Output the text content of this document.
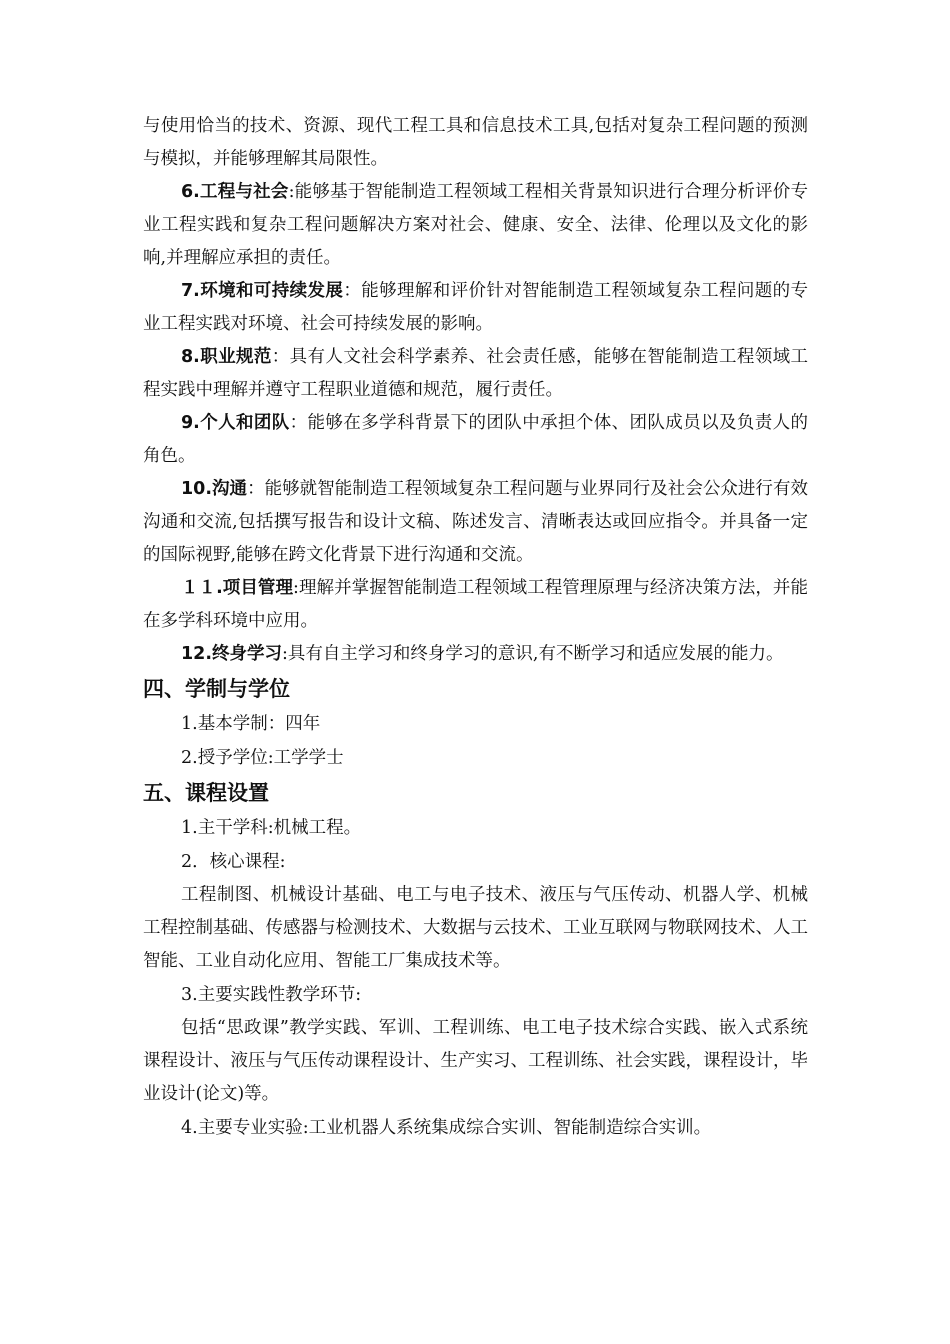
与使用恰当的技术、资源、现代工程工具和信息技术工具,包括对复杂工程问题的预测与模拟，并能够理解其局限性。

6.工程与社会:能够基于智能制造工程领域工程相关背景知识进行合理分析评价专业工程实践和复杂工程问题解决方案对社会、健康、安全、法律、伦理以及文化的影响,并理解应承担的责任。

7.环境和可持续发展：能够理解和评价针对智能制造工程领域复杂工程问题的专业工程实践对环境、社会可持续发展的影响。

8.职业规范：具有人文社会科学素养、社会责任感，能够在智能制造工程领域工程实践中理解并遵守工程职业道德和规范，履行责任。

9.个人和团队：能够在多学科背景下的团队中承担个体、团队成员以及负责人的角色。

10.沟通：能够就智能制造工程领域复杂工程问题与业界同行及社会公众进行有效沟通和交流,包括撰写报告和设计文稿、陈述发言、清晰表达或回应指令。并具备一定的国际视野,能够在跨文化背景下进行沟通和交流。

１１.项目管理:理解并掌握智能制造工程领域工程管理原理与经济决策方法，并能在多学科环境中应用。

12.终身学习:具有自主学习和终身学习的意识,有不断学习和适应发展的能力。

四、学制与学位

1.基本学制：四年

2.授予学位:工学学士

五、课程设置

1.主干学科:机械工程。

2．核心课程:

工程制图、机械设计基础、电工与电子技术、液压与气压传动、机器人学、机械工程控制基础、传感器与检测技术、大数据与云技术、工业互联网与物联网技术、人工智能、工业自动化应用、智能工厂集成技术等。

3.主要实践性教学环节:

包括“思政课”教学实践、军训、工程训练、电工电子技术综合实践、嵌入式系统课程设计、液压与气压传动课程设计、生产实习、工程训练、社会实践，课程设计，毕业设计(论文)等。

4.主要专业实验:工业机器人系统集成综合实训、智能制造综合实训。
